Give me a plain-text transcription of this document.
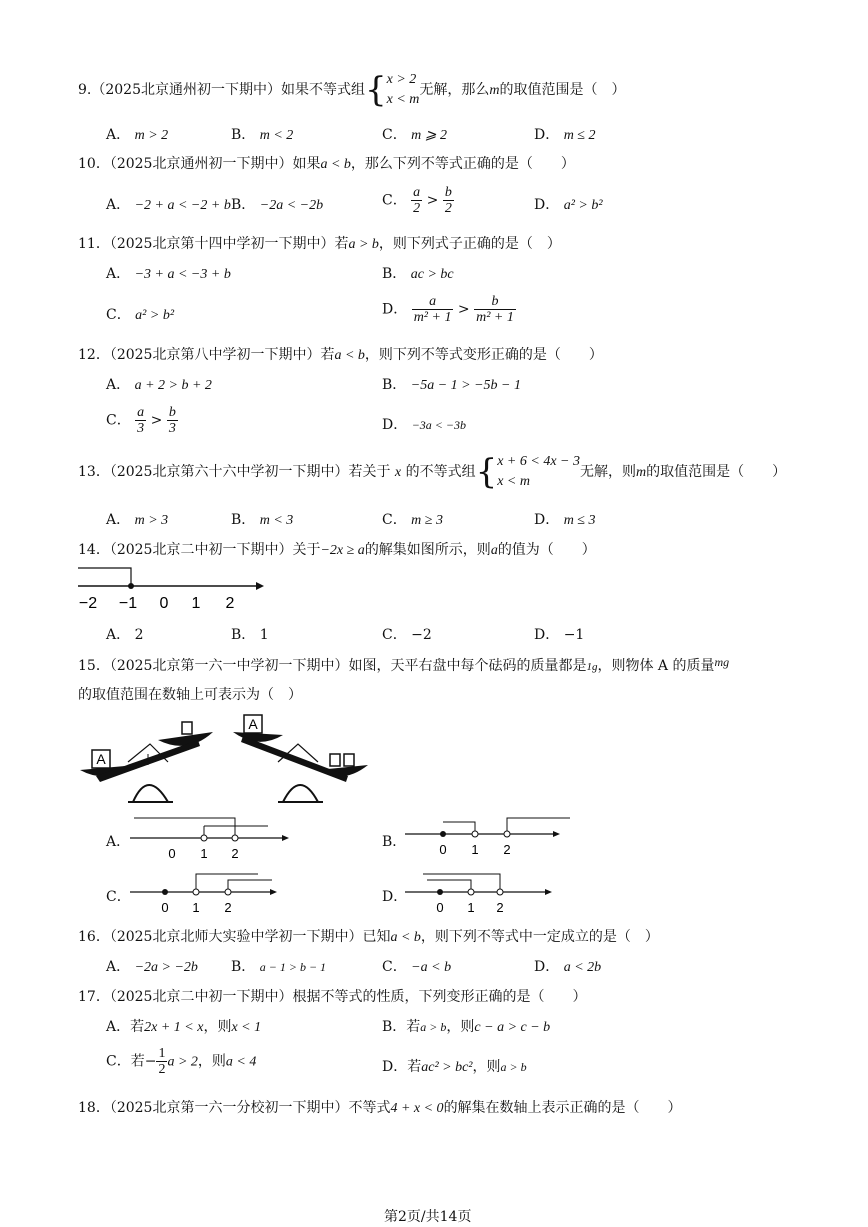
9.（2025北京通州初一下期中）如果不等式组{ x > 2
x < m
无解，那么m的取值范围是（　）
A． m > 2	B． m < 2	C． m ⩾ 2	D． m ≤ 2
10．（2025北京通州初一下期中）如果a < b，那么下列不等式正确的是（　　）
A． −2 + a < −2 + b B． −2a < −2b	C． $\frac{a}{2} > \frac{b}{2}$	D． a² > b²
11．（2025北京第十四中学初一下期中）若a > b，则下列式子正确的是（　）
A． −3 + a < −3 + b	B． ac > bc
C． a² > b²	D． $\frac{a}{\text{m² + 1}} > \frac{b}{\text{m² + 1}}$
12．（2025北京第八中学初一下期中）若a < b，则下列不等式变形正确的是（　　）
A． a + 2 > b + 2	B． −5a − 1 > −5b − 1
C． $\frac{a}{3} > \frac{b}{3}$	D． −3a < −3b
13．（2025北京第六十六中学初一下期中）若关于 x 的不等式组{ x + 6 < 4x − 3
x < m
无解，则m的取值范围是（　　）
A． m > 3	B． m < 3	C． m ≥ 3	D． m ≤ 3
14．（2025北京二中初一下期中）关于−2x ≥ a的解集如图所示，则a的值为（　　）
−2 −1 0 1 2
A． 2	B． 1	C． −2	D． −1
15．（2025北京第一六一中学初一下期中）如图，天平右盘中每个砝码的质量都是1g，则物体 A 的质量mg
的取值范围在数轴上可表示为（　）
A
A
A．
0 1 2
B．	0 1 2
C．
0 1 2
D．
0 1 2
16．（2025北京北师大实验中学初一下期中）已知a < b，则下列不等式中一定成立的是（　）
A． −2a > −2b B． a − 1 > b − 1	C． −a < b	D． a < 2b
17．（2025北京二中初一下期中）根据不等式的性质，下列变形正确的是（　　）
A．若2x + 1 < x，则x < 1	B．若a > b，则c − a > c − b
C．若− $\frac{1}{2}$ a > 2，则a < 4	D．若ac² > bc²，则a > b
18．（2025北京第一六一分校初一下期中）不等式4 + x < 0的解集在数轴上表示正确的是（　　）
第2页/共14页
